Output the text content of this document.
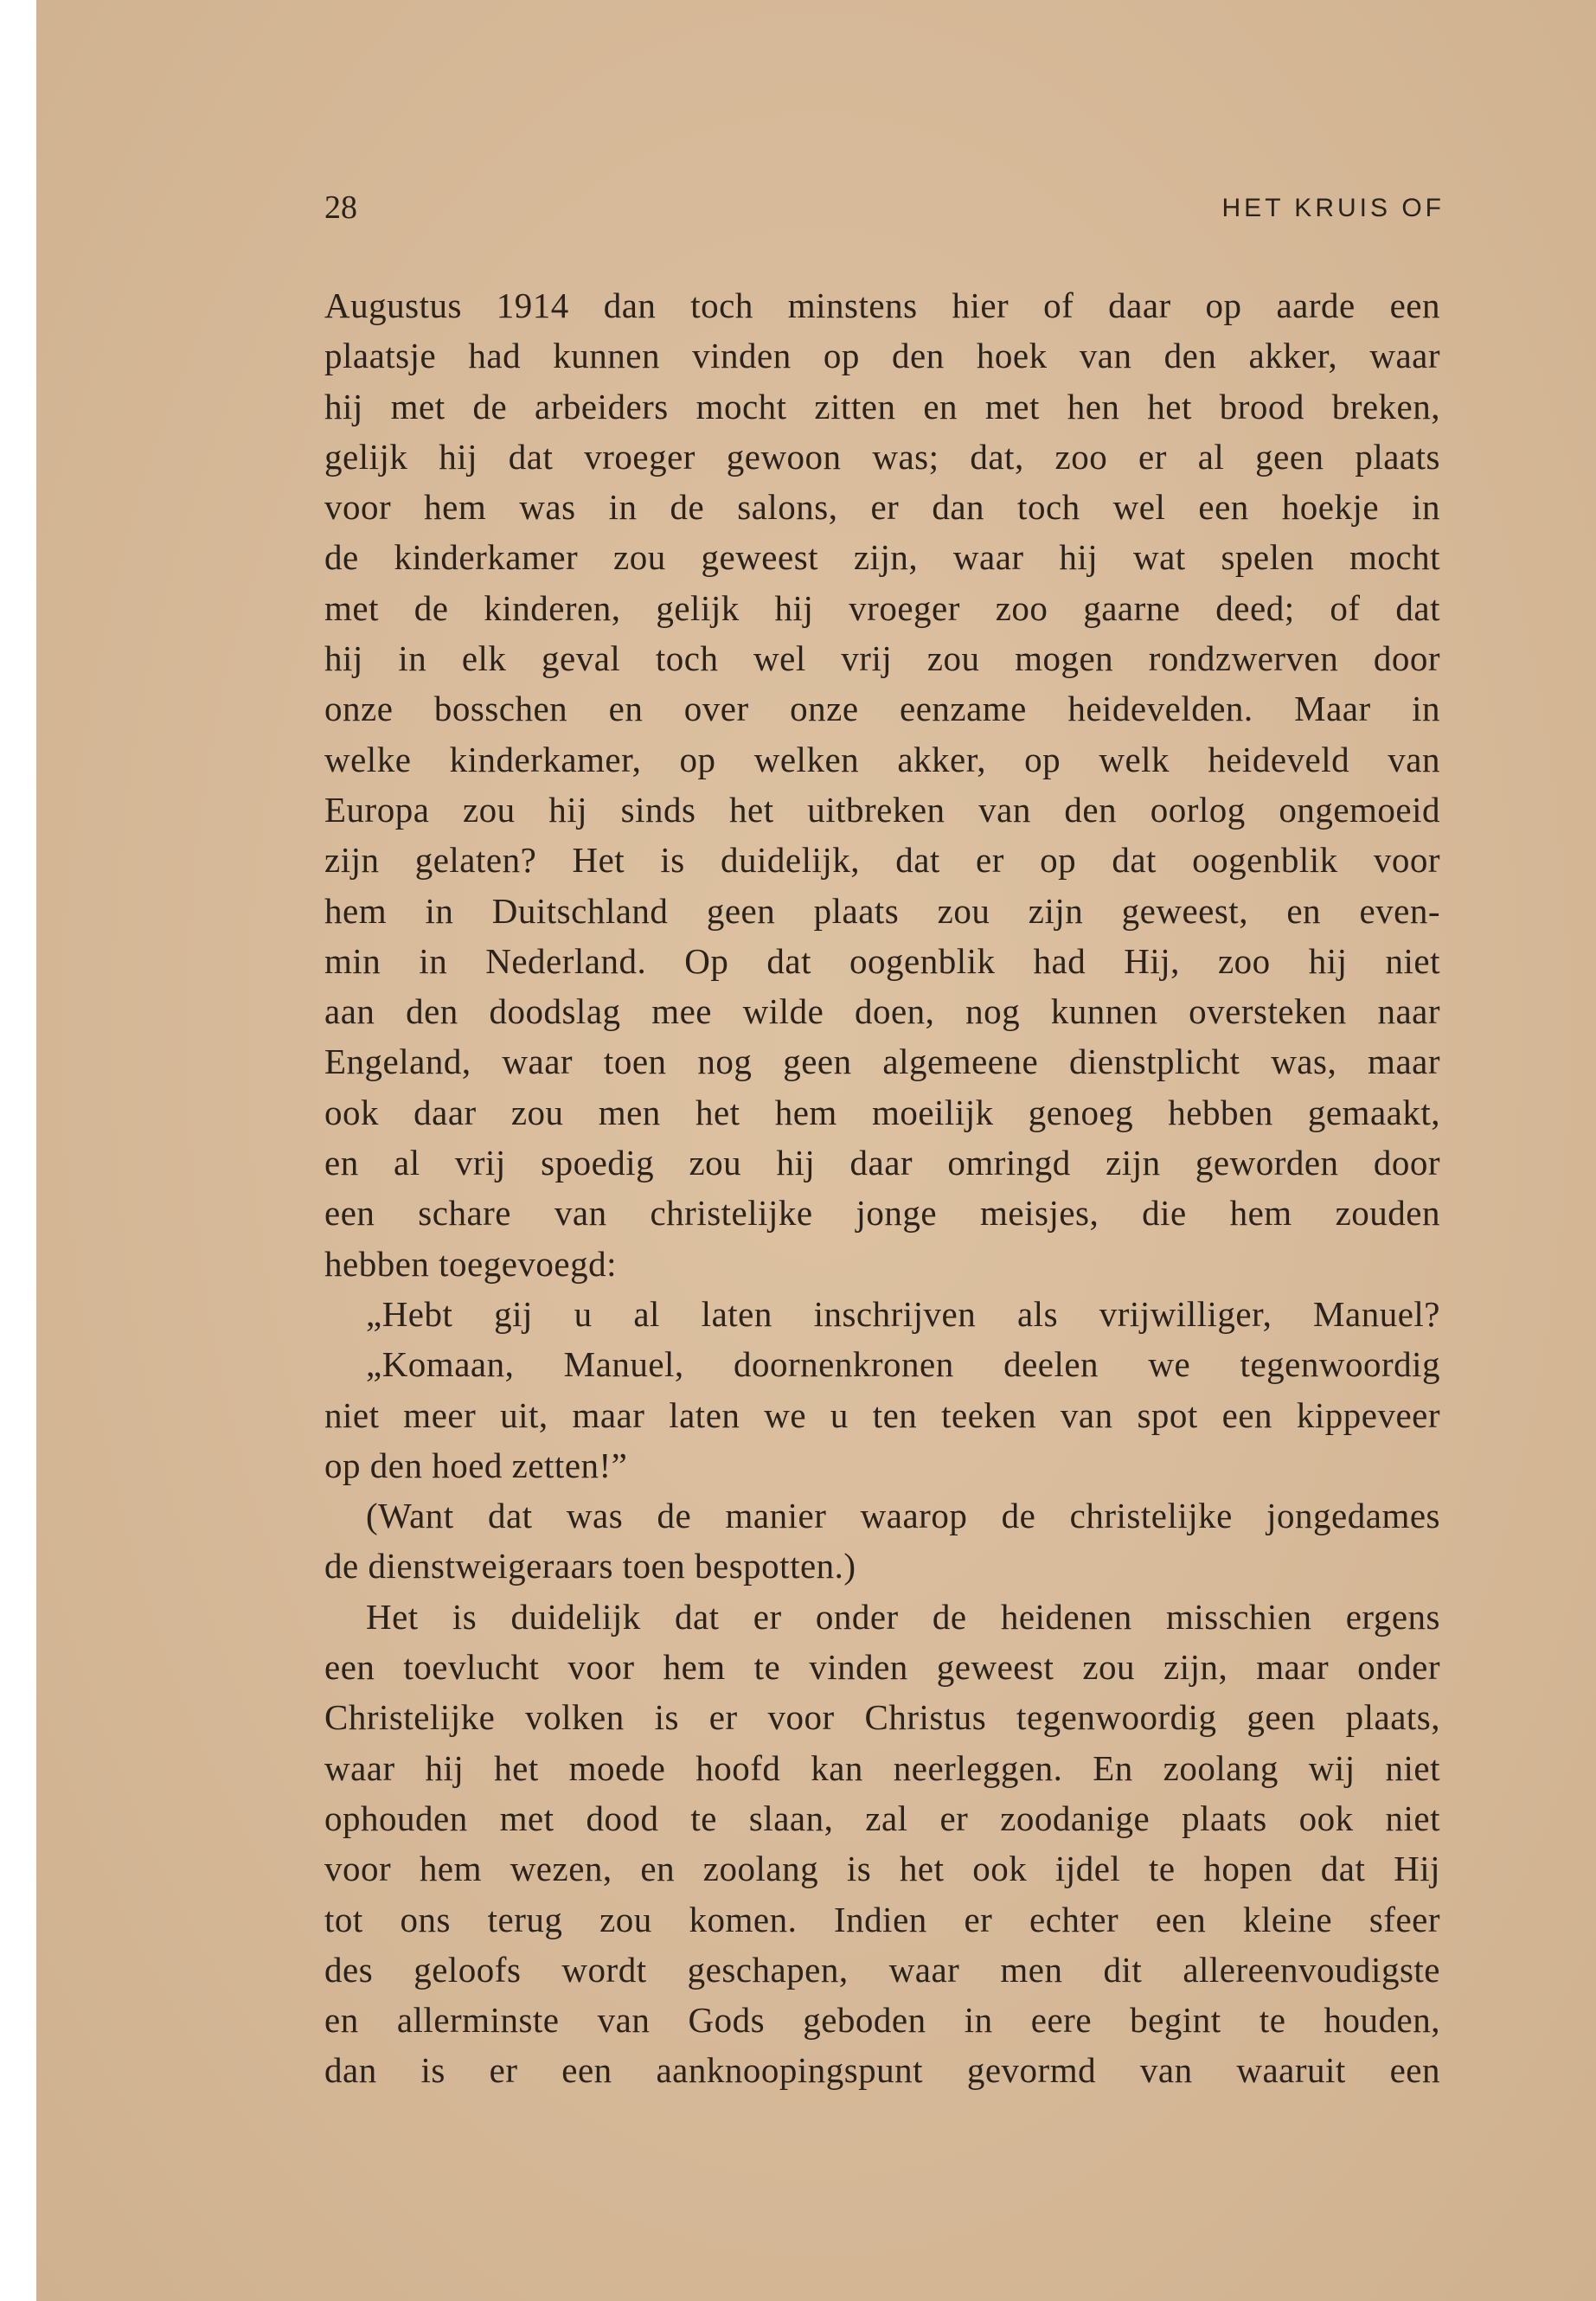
28	HET KRUIS OF
Augustus 1914 dan toch minstens hier of daar op aarde een
plaatsje had kunnen vinden op den hoek van den akker, waar
hij met de arbeiders mocht zitten en met hen het brood breken,
gelijk hij dat vroeger gewoon was; dat, zoo er al geen plaats
voor hem was in de salons, er dan toch wel een hoekje in
de kinderkamer zou geweest zijn, waar hij wat spelen mocht
met de kinderen, gelijk hij vroeger zoo gaarne deed; of dat
hij in elk geval toch wel vrij zou mogen rondzwerven door
onze bosschen en over onze eenzame heidevelden. Maar in
welke kinderkamer, op welken akker, op welk heideveld van
Europa zou hij sinds het uitbreken van den oorlog ongemoeid
zijn gelaten? Het is duidelijk, dat er op dat oogenblik voor
hem in Duitschland geen plaats zou zijn geweest, en even-
min in Nederland. Op dat oogenblik had Hij, zoo hij niet
aan den doodslag mee wilde doen, nog kunnen oversteken naar
Engeland, waar toen nog geen algemeene dienstplicht was, maar
ook daar zou men het hem moeilijk genoeg hebben gemaakt,
en al vrij spoedig zou hij daar omringd zijn geworden door
een schare van christelijke jonge meisjes, die hem zouden
hebben toegevoegd:
„Hebt gij u al laten inschrijven als vrijwilliger, Manuel?
„Komaan, Manuel, doornenkronen deelen we tegenwoordig
niet meer uit, maar laten we u ten teeken van spot een kippeveer
op den hoed zetten!”
(Want dat was de manier waarop de christelijke jongedames
de dienstweigeraars toen bespotten.)
Het is duidelijk dat er onder de heidenen misschien ergens
een toevlucht voor hem te vinden geweest zou zijn, maar onder
Christelijke volken is er voor Christus tegenwoordig geen plaats,
waar hij het moede hoofd kan neerleggen. En zoolang wij niet
ophouden met dood te slaan, zal er zoodanige plaats ook niet
voor hem wezen, en zoolang is het ook ijdel te hopen dat Hij
tot ons terug zou komen. Indien er echter een kleine sfeer
des geloofs wordt geschapen, waar men dit allereenvoudigste
en allerminste van Gods geboden in eere begint te houden,
dan is er een aanknoopingspunt gevormd van waaruit een
